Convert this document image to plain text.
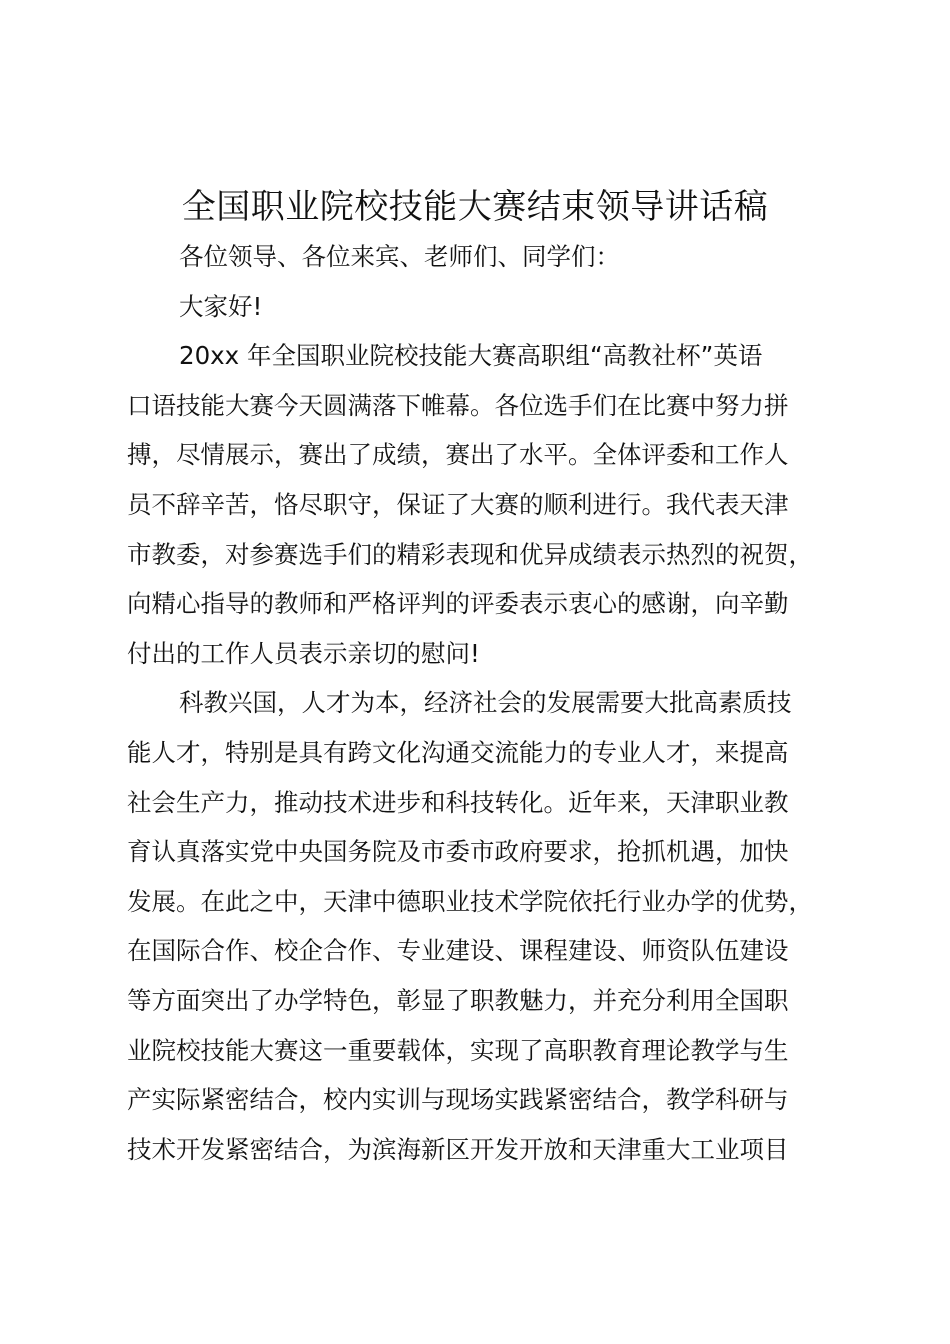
全国职业院校技能大赛结束领导讲话稿
各位领导、各位来宾、老师们、同学们：
大家好!
20xx 年全国职业院校技能大赛高职组“高教社杯”英语
口语技能大赛今天圆满落下帷幕。各位选手们在比赛中努力拼
搏，尽情展示，赛出了成绩，赛出了水平。全体评委和工作人
员不辞辛苦，恪尽职守，保证了大赛的顺利进行。我代表天津
市教委，对参赛选手们的精彩表现和优异成绩表示热烈的祝贺，
向精心指导的教师和严格评判的评委表示衷心的感谢，向辛勤
付出的工作人员表示亲切的慰问!
科教兴国，人才为本，经济社会的发展需要大批高素质技
能人才，特别是具有跨文化沟通交流能力的专业人才，来提高
社会生产力，推动技术进步和科技转化。近年来，天津职业教
育认真落实党中央国务院及市委市政府要求，抢抓机遇，加快
发展。在此之中，天津中德职业技术学院依托行业办学的优势，
在国际合作、校企合作、专业建设、课程建设、师资队伍建设
等方面突出了办学特色，彰显了职教魅力，并充分利用全国职
业院校技能大赛这一重要载体，实现了高职教育理论教学与生
产实际紧密结合，校内实训与现场实践紧密结合，教学科研与
技术开发紧密结合，为滨海新区开发开放和天津重大工业项目
